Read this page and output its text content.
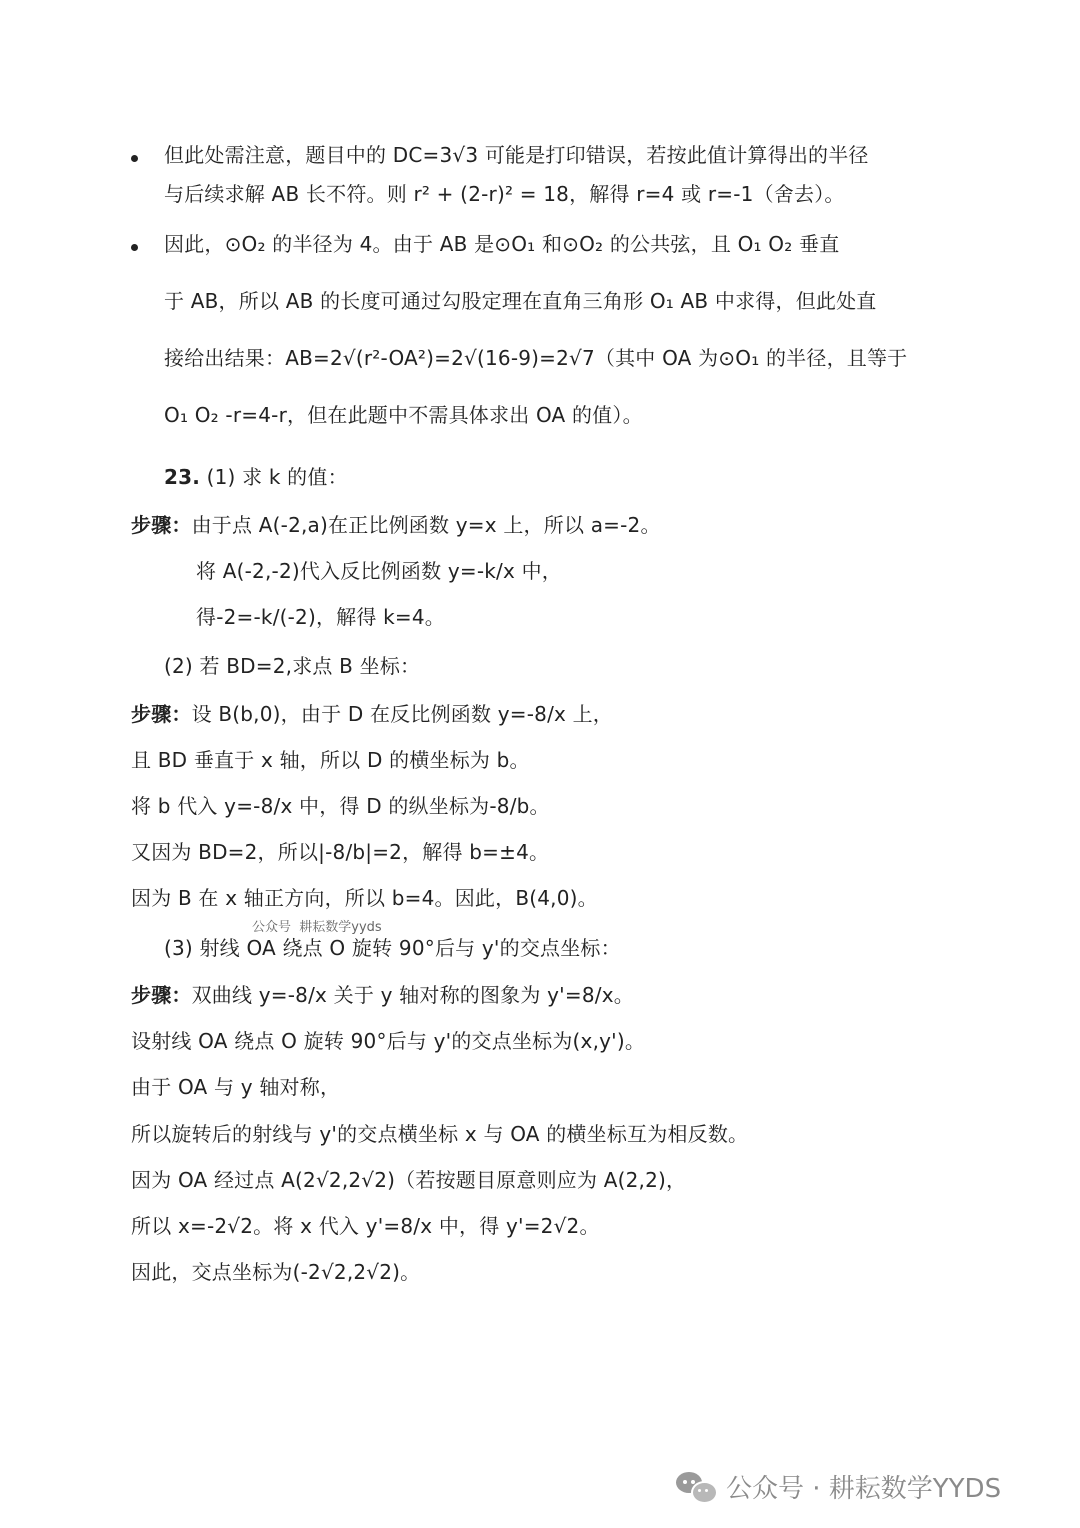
但此处需注意，题目中的 DC=3√3 可能是打印错误，若按此值计算得出的半径
与后续求解 AB 长不符。则 r² + (2-r)² = 18，解得 r=4 或 r=-1（舍去）。
因此，⊙O₂ 的半径为 4。由于 AB 是⊙O₁ 和⊙O₂ 的公共弦，且 O₁ O₂ 垂直
于 AB，所以 AB 的长度可通过勾股定理在直角三角形 O₁ AB 中求得，但此处直
接给出结果：AB=2√(r²-OA²)=2√(16-9)=2√7（其中 OA 为⊙O₁ 的半径，且等于
O₁ O₂ -r=4-r，但在此题中不需具体求出 OA 的值）。
23. (1) 求 k 的值：
步骤：由于点 A(-2,a)在正比例函数 y=x 上，所以 a=-2。
将 A(-2,-2)代入反比例函数 y=-k/x 中，
得-2=-k/(-2)，解得 k=4。
(2) 若 BD=2,求点 B 坐标：
步骤：设 B(b,0)，由于 D 在反比例函数 y=-8/x 上，
且 BD 垂直于 x 轴，所以 D 的横坐标为 b。
将 b 代入 y=-8/x 中，得 D 的纵坐标为-8/b。
又因为 BD=2，所以|-8/b|=2，解得 b=±4。
因为 B 在 x 轴正方向，所以 b=4。因此，B(4,0)。
公众号  耕耘数学yyds
(3) 射线 OA 绕点 O 旋转 90°后与 y'的交点坐标：
步骤：双曲线 y=-8/x 关于 y 轴对称的图象为 y'=8/x。
设射线 OA 绕点 O 旋转 90°后与 y'的交点坐标为(x,y')。
由于 OA 与 y 轴对称，
所以旋转后的射线与 y'的交点横坐标 x 与 OA 的横坐标互为相反数。
因为 OA 经过点 A(2√2,2√2)（若按题目原意则应为 A(2,2)，
所以 x=-2√2。将 x 代入 y'=8/x 中，得 y'=2√2。
因此，交点坐标为(-2√2,2√2)。
公众号 · 耕耘数学YYDS
